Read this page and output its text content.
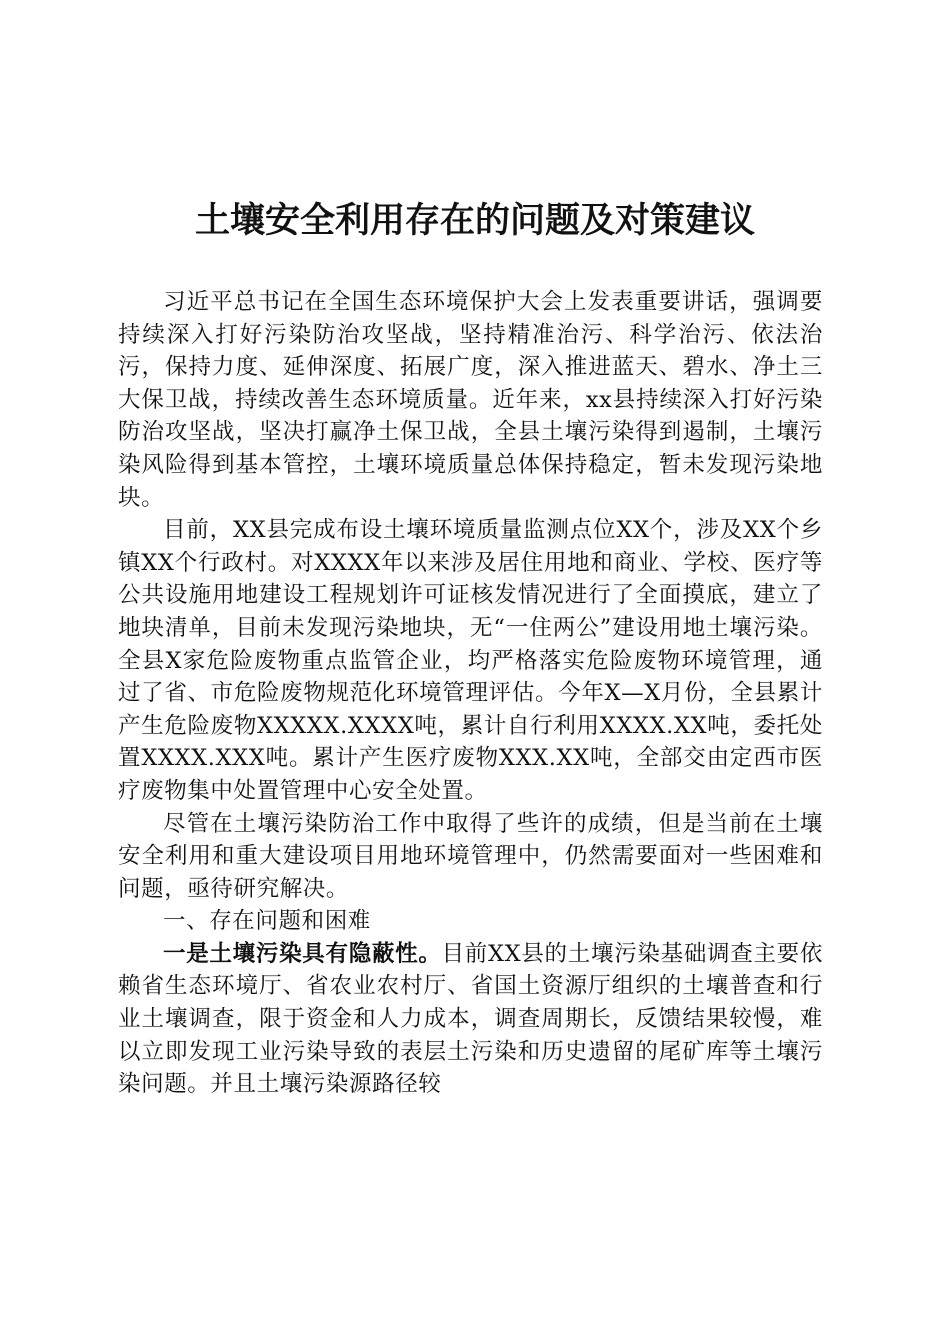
土壤安全利用存在的问题及对策建议

习近平总书记在全国生态环境保护大会上发表重要讲话，强调要持续深入打好污染防治攻坚战，坚持精准治污、科学治污、依法治污，保持力度、延伸深度、拓展广度，深入推进蓝天、碧水、净土三大保卫战，持续改善生态环境质量。近年来，xx县持续深入打好污染防治攻坚战，坚决打赢净土保卫战，全县土壤污染得到遏制，土壤污染风险得到基本管控，土壤环境质量总体保持稳定，暂未发现污染地块。

目前，XX县完成布设土壤环境质量监测点位XX个，涉及XX个乡镇XX个行政村。对XXXX年以来涉及居住用地和商业、学校、医疗等公共设施用地建设工程规划许可证核发情况进行了全面摸底，建立了地块清单，目前未发现污染地块，无“一住两公”建设用地土壤污染。全县X家危险废物重点监管企业，均严格落实危险废物环境管理，通过了省、市危险废物规范化环境管理评估。今年X—X月份，全县累计产生危险废物XXXXX.XXXX吨，累计自行利用XXXX.XX吨，委托处置XXXX.XXX吨。累计产生医疗废物XXX.XX吨，全部交由定西市医疗废物集中处置管理中心安全处置。

尽管在土壤污染防治工作中取得了些许的成绩，但是当前在土壤安全利用和重大建设项目用地环境管理中，仍然需要面对一些困难和问题，亟待研究解决。

一、存在问题和困难

一是土壤污染具有隐蔽性。目前XX县的土壤污染基础调查主要依赖省生态环境厅、省农业农村厅、省国土资源厅组织的土壤普查和行业土壤调查，限于资金和人力成本，调查周期长，反馈结果较慢，难以立即发现工业污染导致的表层土污染和历史遗留的尾矿库等土壤污染问题。并且土壤污染源路径较
